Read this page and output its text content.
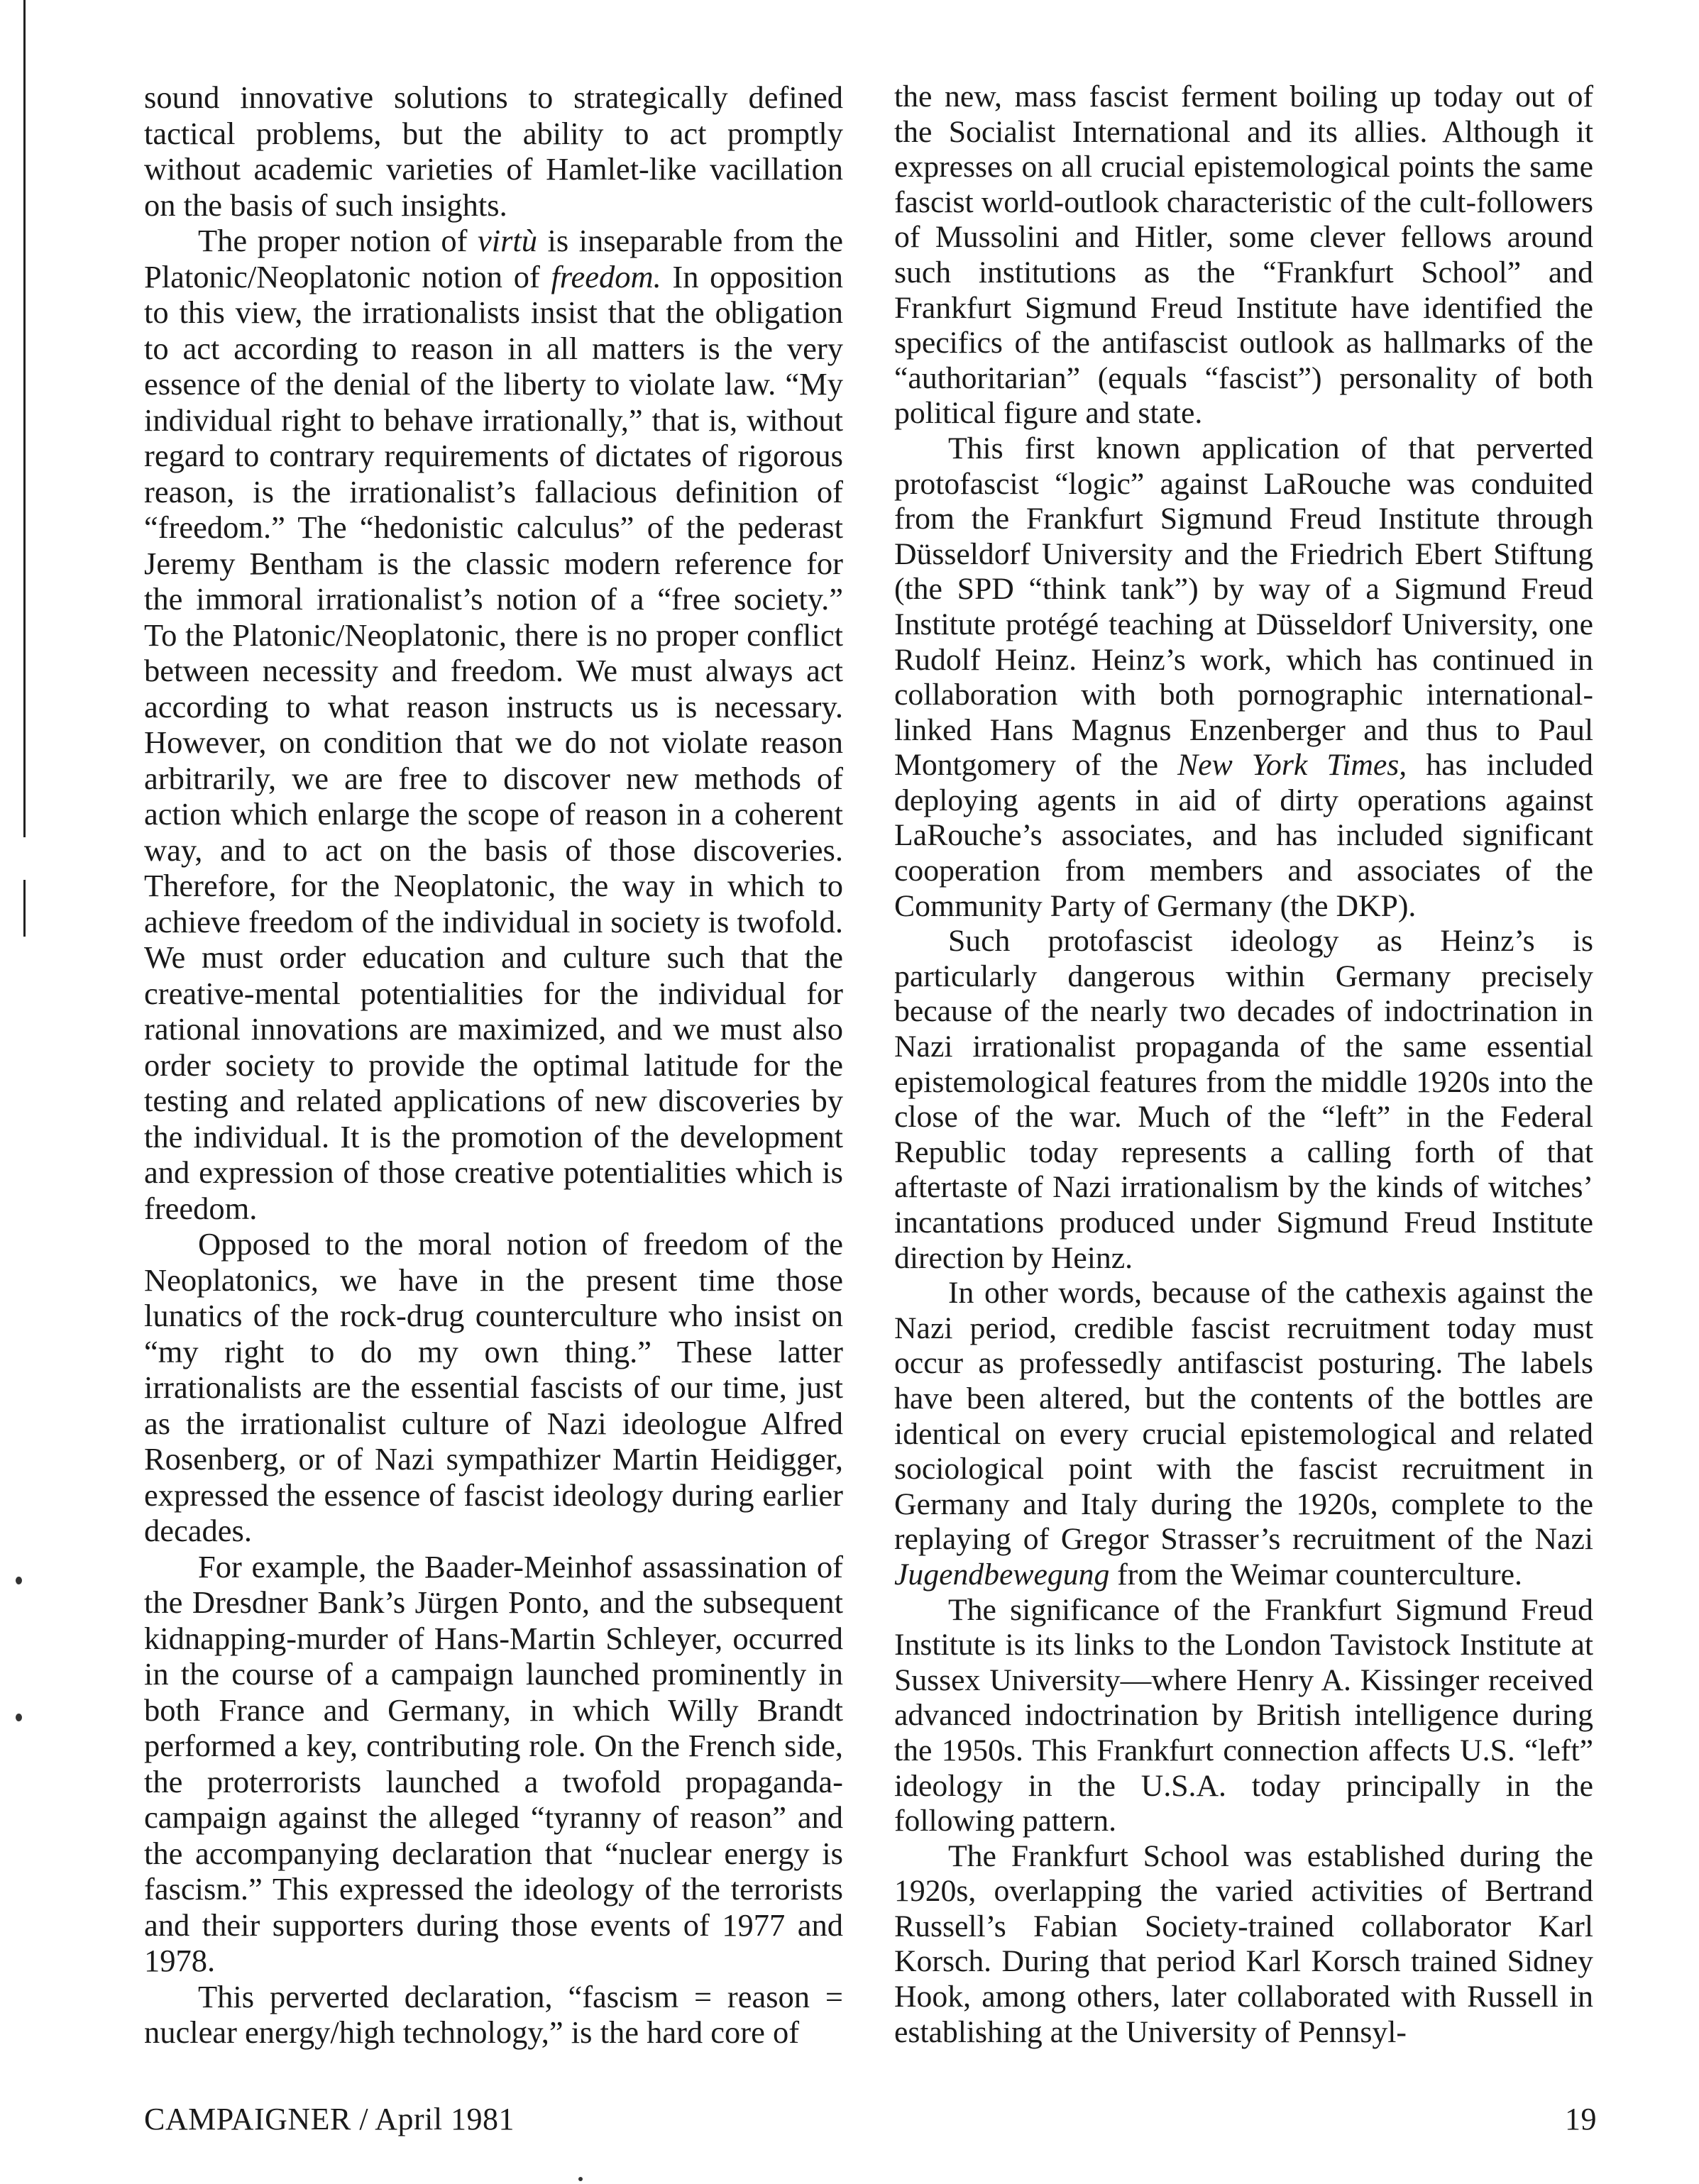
sound innovative solutions to strategically defined tactical problems, but the ability to act promptly without academic varieties of Hamlet-like vacillation on the basis of such insights.

The proper notion of virtù is inseparable from the Platonic/Neoplatonic notion of freedom. In opposition to this view, the irrationalists insist that the obligation to act according to reason in all matters is the very essence of the denial of the liberty to violate law. “My individual right to behave irrationally,” that is, without regard to contrary requirements of dictates of rigorous reason, is the irrationalist’s fallacious definition of “freedom.” The “hedonistic calculus” of the pederast Jeremy Bentham is the classic modern reference for the immoral irrationalist’s notion of a “free society.” To the Platonic/Neoplatonic, there is no proper conflict between necessity and freedom. We must always act according to what reason instructs us is necessary. However, on condition that we do not violate reason arbitrarily, we are free to discover new methods of action which enlarge the scope of reason in a coherent way, and to act on the basis of those discoveries. Therefore, for the Neoplatonic, the way in which to achieve freedom of the individual in society is twofold. We must order education and culture such that the creative-mental potentialities for the individual for rational innovations are maximized, and we must also order society to provide the optimal latitude for the testing and related applications of new discoveries by the individual. It is the promotion of the development and expression of those creative potentialities which is freedom.

Opposed to the moral notion of freedom of the Neoplatonics, we have in the present time those lunatics of the rock-drug counterculture who insist on “my right to do my own thing.” These latter irrationalists are the essential fascists of our time, just as the irrationalist culture of Nazi ideologue Alfred Rosenberg, or of Nazi sympathizer Martin Heidigger, expressed the essence of fascist ideology during earlier decades.

For example, the Baader-Meinhof assassination of the Dresdner Bank’s Jürgen Ponto, and the subsequent kidnapping-murder of Hans-Martin Schleyer, occurred in the course of a campaign launched prominently in both France and Germany, in which Willy Brandt performed a key, contributing role. On the French side, the proterrorists launched a twofold propaganda-campaign against the alleged “tyranny of reason” and the accompanying declaration that “nuclear energy is fascism.” This expressed the ideology of the terrorists and their supporters during those events of 1977 and 1978.

This perverted declaration, “fascism = reason = nuclear energy/high technology,” is the hard core of

the new, mass fascist ferment boiling up today out of the Socialist International and its allies. Although it expresses on all crucial epistemological points the same fascist world-outlook characteristic of the cult-followers of Mussolini and Hitler, some clever fellows around such institutions as the “Frankfurt School” and Frankfurt Sigmund Freud Institute have identified the specifics of the antifascist outlook as hallmarks of the “authoritarian” (equals “fascist”) personality of both political figure and state.

This first known application of that perverted protofascist “logic” against LaRouche was conduited from the Frankfurt Sigmund Freud Institute through Düsseldorf University and the Friedrich Ebert Stiftung (the SPD “think tank”) by way of a Sigmund Freud Institute protégé teaching at Düsseldorf University, one Rudolf Heinz. Heinz’s work, which has continued in collaboration with both pornographic international-linked Hans Magnus Enzenberger and thus to Paul Montgomery of the New York Times, has included deploying agents in aid of dirty operations against LaRouche’s associates, and has included significant cooperation from members and associates of the Community Party of Germany (the DKP).

Such protofascist ideology as Heinz’s is particularly dangerous within Germany precisely because of the nearly two decades of indoctrination in Nazi irrationalist propaganda of the same essential epistemological features from the middle 1920s into the close of the war. Much of the “left” in the Federal Republic today represents a calling forth of that aftertaste of Nazi irrationalism by the kinds of witches’ incantations produced under Sigmund Freud Institute direction by Heinz.

In other words, because of the cathexis against the Nazi period, credible fascist recruitment today must occur as professedly antifascist posturing. The labels have been altered, but the contents of the bottles are identical on every crucial epistemological and related sociological point with the fascist recruitment in Germany and Italy during the 1920s, complete to the replaying of Gregor Strasser’s recruitment of the Nazi Jugendbewegung from the Weimar counterculture.

The significance of the Frankfurt Sigmund Freud Institute is its links to the London Tavistock Institute at Sussex University—where Henry A. Kissinger received advanced indoctrination by British intelligence during the 1950s. This Frankfurt connection affects U.S. “left” ideology in the U.S.A. today principally in the following pattern.

The Frankfurt School was established during the 1920s, overlapping the varied activities of Bertrand Russell’s Fabian Society-trained collaborator Karl Korsch. During that period Karl Korsch trained Sidney Hook, among others, later collaborated with Russell in establishing at the University of Pennsyl-

CAMPAIGNER / April 1981	19
